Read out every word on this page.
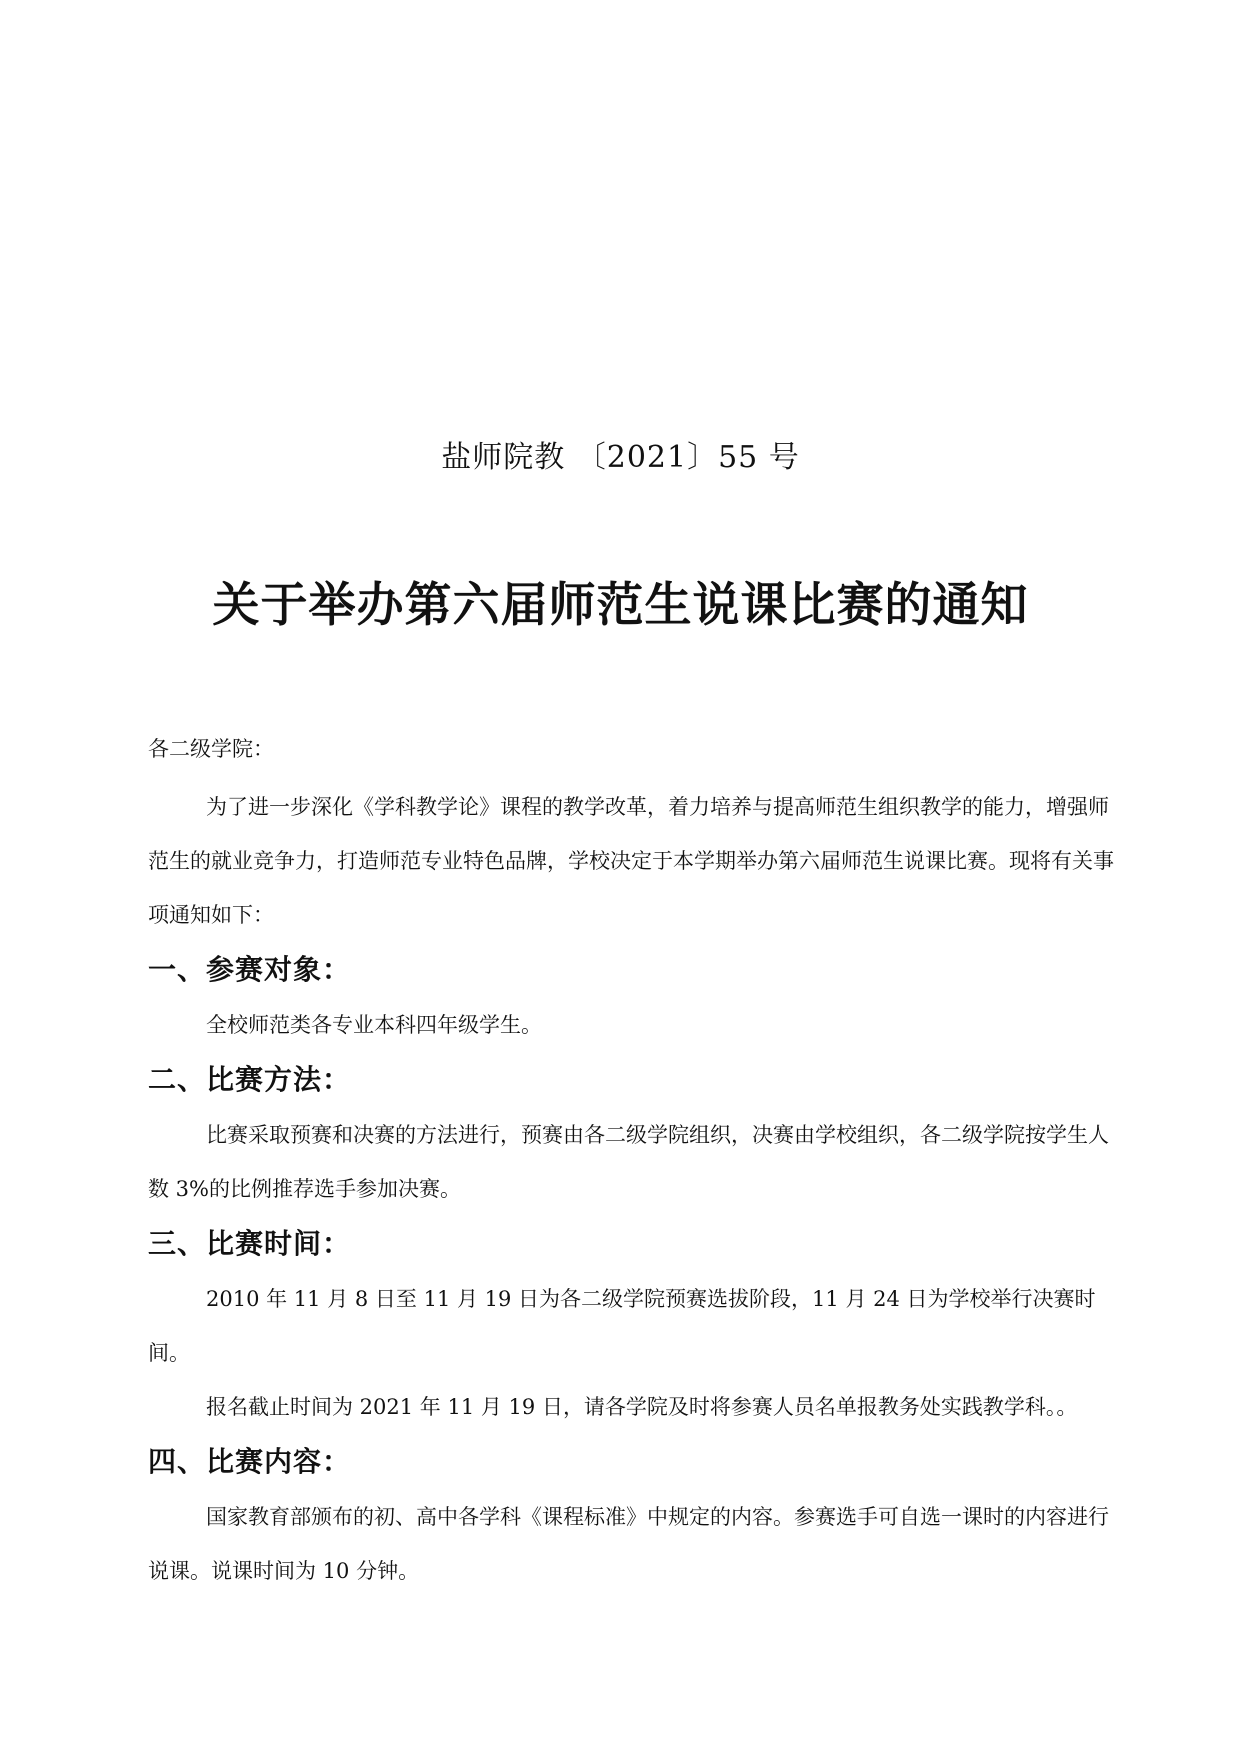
盐师院教 〔2021〕55 号
关于举办第六届师范生说课比赛的通知

各二级学院：

为了进一步深化《学科教学论》课程的教学改革，着力培养与提高师范生组织教学的能力，增强师范生的就业竞争力，打造师范专业特色品牌，学校决定于本学期举办第六届师范生说课比赛。现将有关事项通知如下：

一、参赛对象：

全校师范类各专业本科四年级学生。

二、比赛方法：

比赛采取预赛和决赛的方法进行，预赛由各二级学院组织，决赛由学校组织，各二级学院按学生人数 3%的比例推荐选手参加决赛。

三、比赛时间：

2010 年 11 月 8 日至 11 月 19 日为各二级学院预赛选拔阶段，11 月 24 日为学校举行决赛时间。

报名截止时间为 2021 年 11 月 19 日，请各学院及时将参赛人员名单报教务处实践教学科。。

四、比赛内容：

国家教育部颁布的初、高中各学科《课程标准》中规定的内容。参赛选手可自选一课时的内容进行说课。说课时间为 10 分钟。
